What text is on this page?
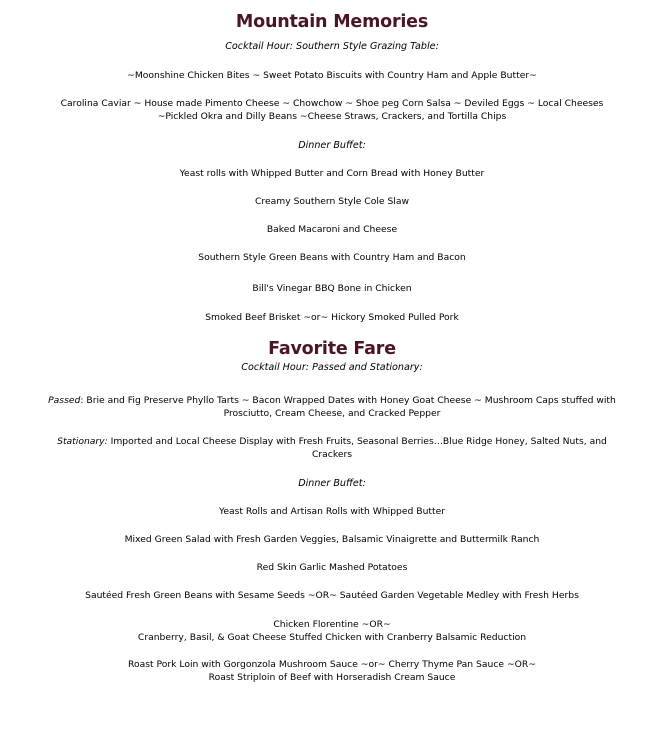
Mountain Memories
Cocktail Hour: Southern Style Grazing Table:
~Moonshine Chicken Bites ~ Sweet Potato Biscuits with Country Ham and Apple Butter~
Carolina Caviar ~ House made Pimento Cheese ~ Chowchow ~ Shoe peg Corn Salsa ~ Deviled Eggs ~ Local Cheeses
~Pickled Okra and Dilly Beans ~Cheese Straws, Crackers, and Tortilla Chips
Dinner Buffet:
Yeast rolls with Whipped Butter and Corn Bread with Honey Butter
Creamy Southern Style Cole Slaw
Baked Macaroni and Cheese
Southern Style Green Beans with Country Ham and Bacon
Bill's Vinegar BBQ Bone in Chicken
Smoked Beef Brisket ~or~ Hickory Smoked Pulled Pork
Favorite Fare
Cocktail Hour: Passed and Stationary:
Passed: Brie and Fig Preserve Phyllo Tarts ~ Bacon Wrapped Dates with Honey Goat Cheese ~ Mushroom Caps stuffed with
Prosciutto, Cream Cheese, and Cracked Pepper
Stationary: Imported and Local Cheese Display with Fresh Fruits, Seasonal Berries…Blue Ridge Honey, Salted Nuts, and
Crackers
Dinner Buffet:
Yeast Rolls and Artisan Rolls with Whipped Butter
Mixed Green Salad with Fresh Garden Veggies, Balsamic Vinaigrette and Buttermilk Ranch
Red Skin Garlic Mashed Potatoes
Sautéed Fresh Green Beans with Sesame Seeds ~OR~ Sautéed Garden Vegetable Medley with Fresh Herbs
Chicken Florentine ~OR~
Cranberry, Basil, & Goat Cheese Stuffed Chicken with Cranberry Balsamic Reduction
Roast Pork Loin with Gorgonzola Mushroom Sauce ~or~ Cherry Thyme Pan Sauce ~OR~
Roast Striploin of Beef with Horseradish Cream Sauce
